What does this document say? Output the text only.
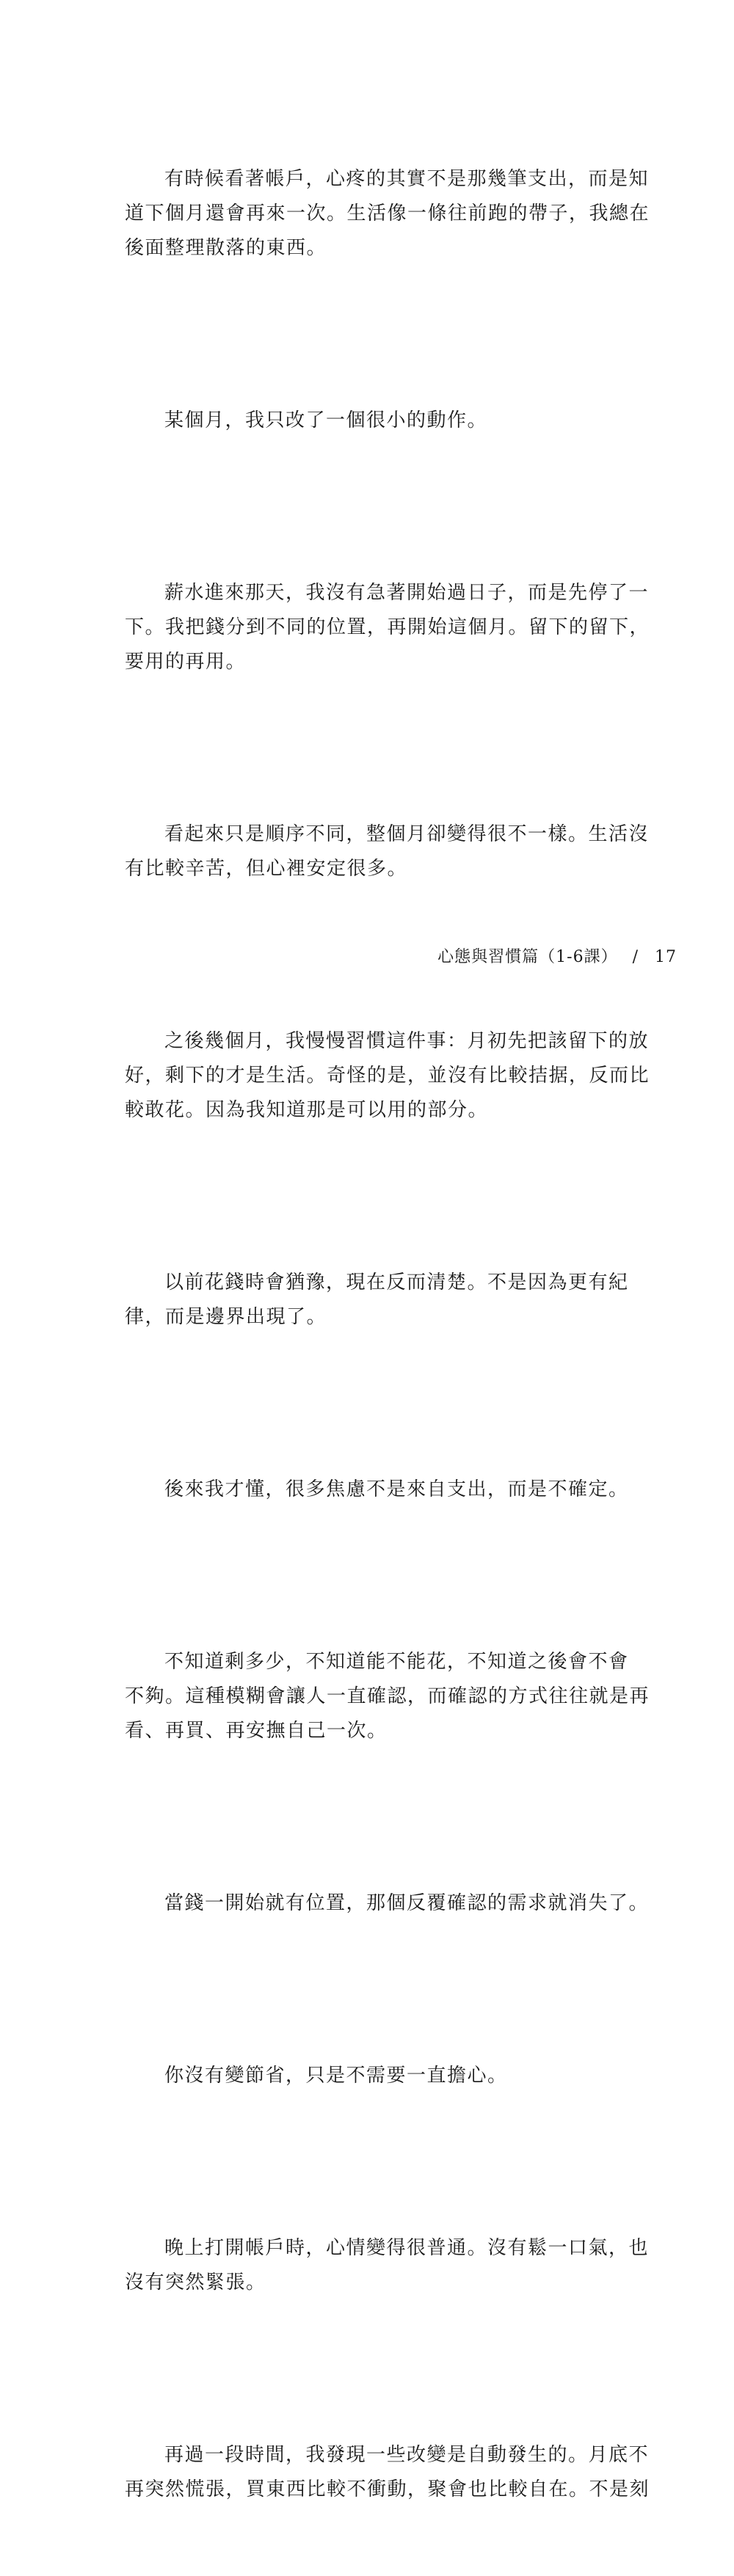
有時候看著帳戶，心疼的其實不是那幾筆支出，而是知
道下個月還會再來一次。生活像一條往前跑的帶子，我總在
後面整理散落的東西。

某個月，我只改了一個很小的動作。

薪水進來那天，我沒有急著開始過日子，而是先停了一
下。我把錢分到不同的位置，再開始這個月。留下的留下，
要用的再用。

看起來只是順序不同，整個月卻變得很不一樣。生活沒
有比較辛苦，但心裡安定很多。

之後幾個月，我慢慢習慣這件事：月初先把該留下的放
好，剩下的才是生活。奇怪的是，並沒有比較拮据，反而比
較敢花。因為我知道那是可以用的部分。

以前花錢時會猶豫，現在反而清楚。不是因為更有紀
律，而是邊界出現了。

後來我才懂，很多焦慮不是來自支出，而是不確定。

不知道剩多少，不知道能不能花，不知道之後會不會
不夠。這種模糊會讓人一直確認，而確認的方式往往就是再
看、再買、再安撫自己一次。

當錢一開始就有位置，那個反覆確認的需求就消失了。

你沒有變節省，只是不需要一直擔心。

晚上打開帳戶時，心情變得很普通。沒有鬆一口氣，也
沒有突然緊張。

再過一段時間，我發現一些改變是自動發生的。月底不
再突然慌張，買東西比較不衝動，聚會也比較自在。不是刻

心態與習慣篇（1-6課） / 17
